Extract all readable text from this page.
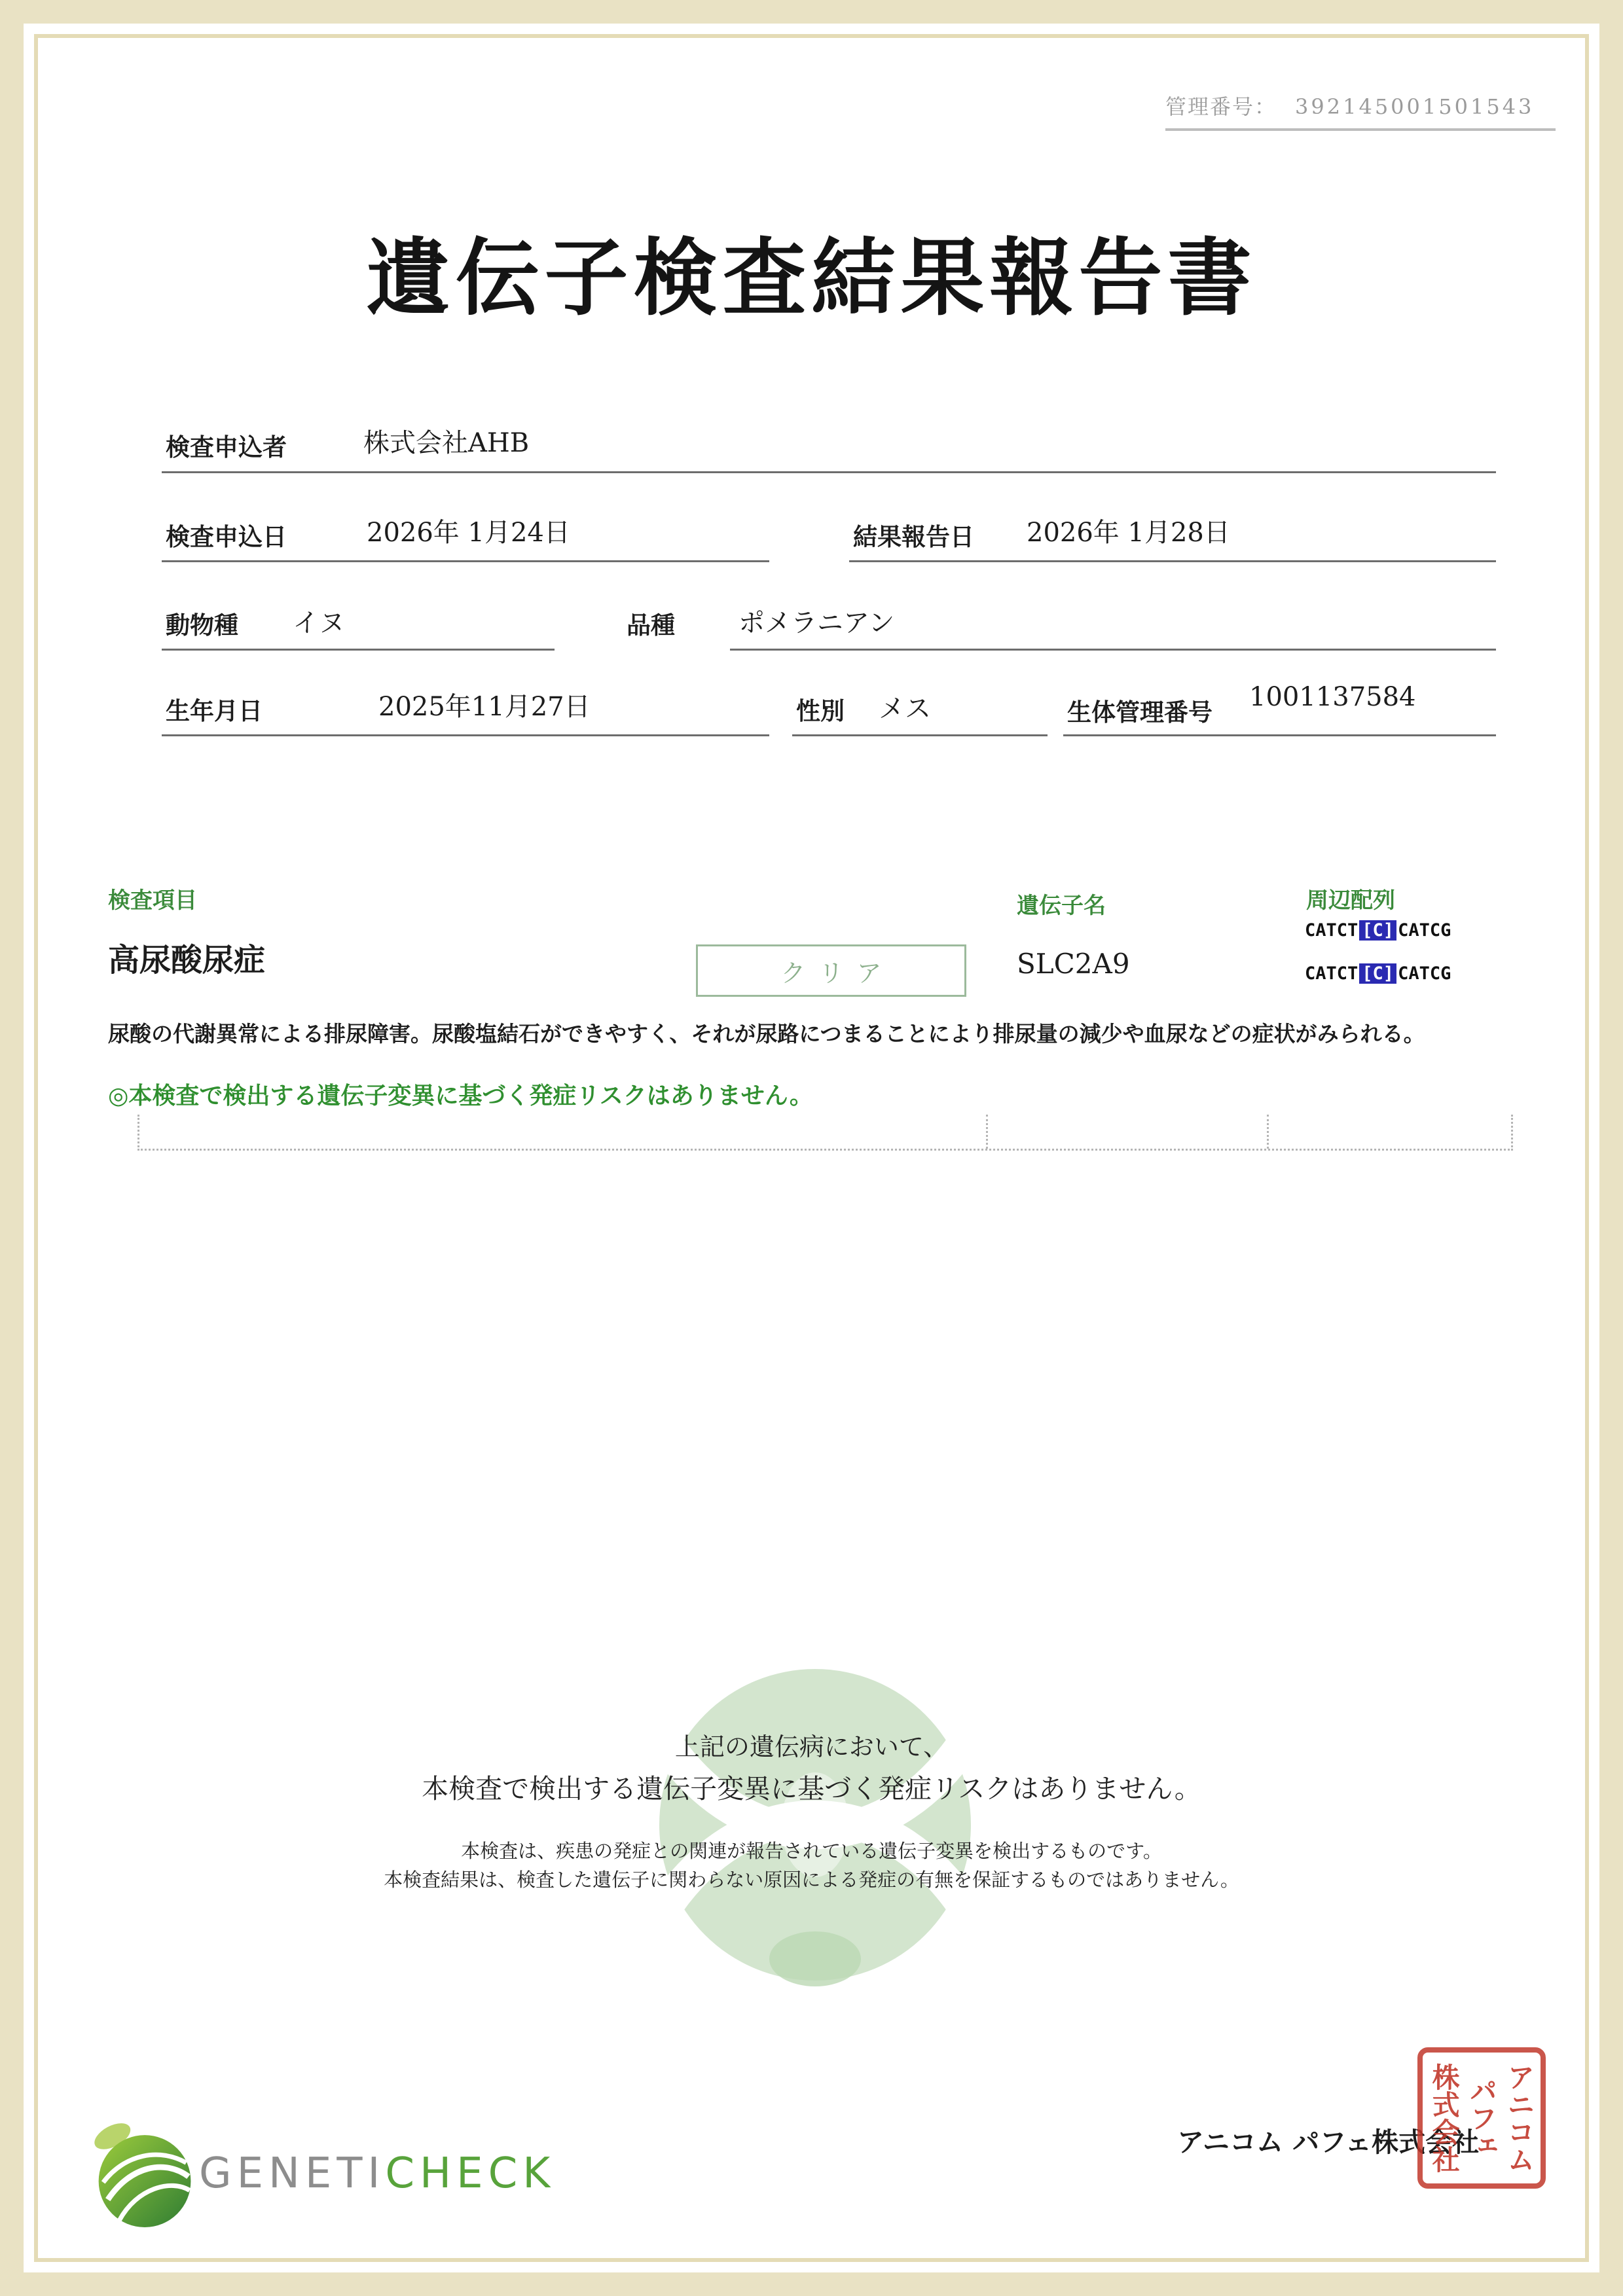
管理番号： 392145001501543
遺伝子検査結果報告書
検査申込者	株式会社AHB
検査申込日	2026年 1月24日	結果報告日 2026年 1月28日
動物種 イヌ	品種 ポメラニアン
生年月日	2025年11月27日	性別 メス	生体管理番号 1001137584
検査項目	遺伝子名	周辺配列
高尿酸尿症	クリア	SLC2A9
CATCT [C] CATCG
CATCT [C] CATCG
尿酸の代謝異常による排尿障害。尿酸塩結石ができやすく、それが尿路につまることにより排尿量の減少や血尿などの症状がみられる。
◎本検査で検出する遺伝子変異に基づく発症リスクはありません。
上記の遺伝病において、
本検査で検出する遺伝子変異に基づく発症リスクはありません。
本検査は、疾患の発症との関連が報告されている遺伝子変異を検出するものです。
本検査結果は、検査した遺伝子に関わらない原因による発症の有無を保証するものではありません。
GENETICHECK
アニコム パフェ株式会社 アニコム
パフェ
株式会社
